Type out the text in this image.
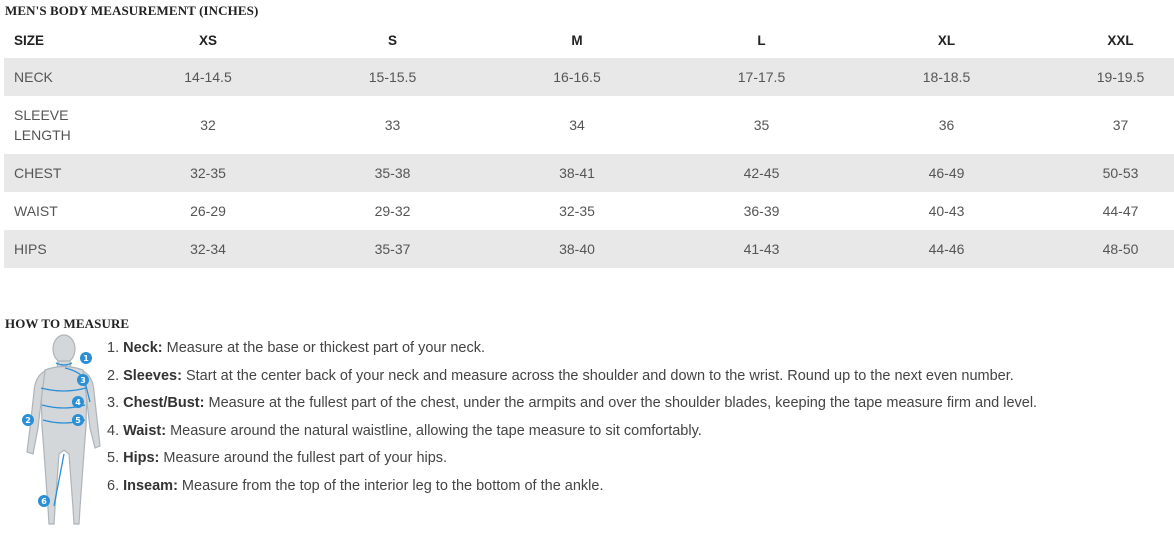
MEN'S BODY MEASUREMENT (INCHES)
SIZE	XS	S	M	L	XL	XXL
NECK	14-14.5	15-15.5	16-16.5	17-17.5	18-18.5	19-19.5
SLEEVE
LENGTH	32	33	34	35	36	37
CHEST	32-35	35-38	38-41	42-45	46-49	50-53
WAIST	26-29	29-32	32-35	36-39	40-43	44-47
HIPS	32-34	35-37	38-40	41-43	44-46	48-50
HOW TO MEASURE
1
3
4
2	5
6
1. Neck: Measure at the base or thickest part of your neck.
2. Sleeves: Start at the center back of your neck and measure across the shoulder and down to the wrist. Round up to the next even number.
3. Chest/Bust: Measure at the fullest part of the chest, under the armpits and over the shoulder blades, keeping the tape measure firm and level.
4. Waist: Measure around the natural waistline, allowing the tape measure to sit comfortably.
5. Hips: Measure around the fullest part of your hips.
6. Inseam: Measure from the top of the interior leg to the bottom of the ankle.
